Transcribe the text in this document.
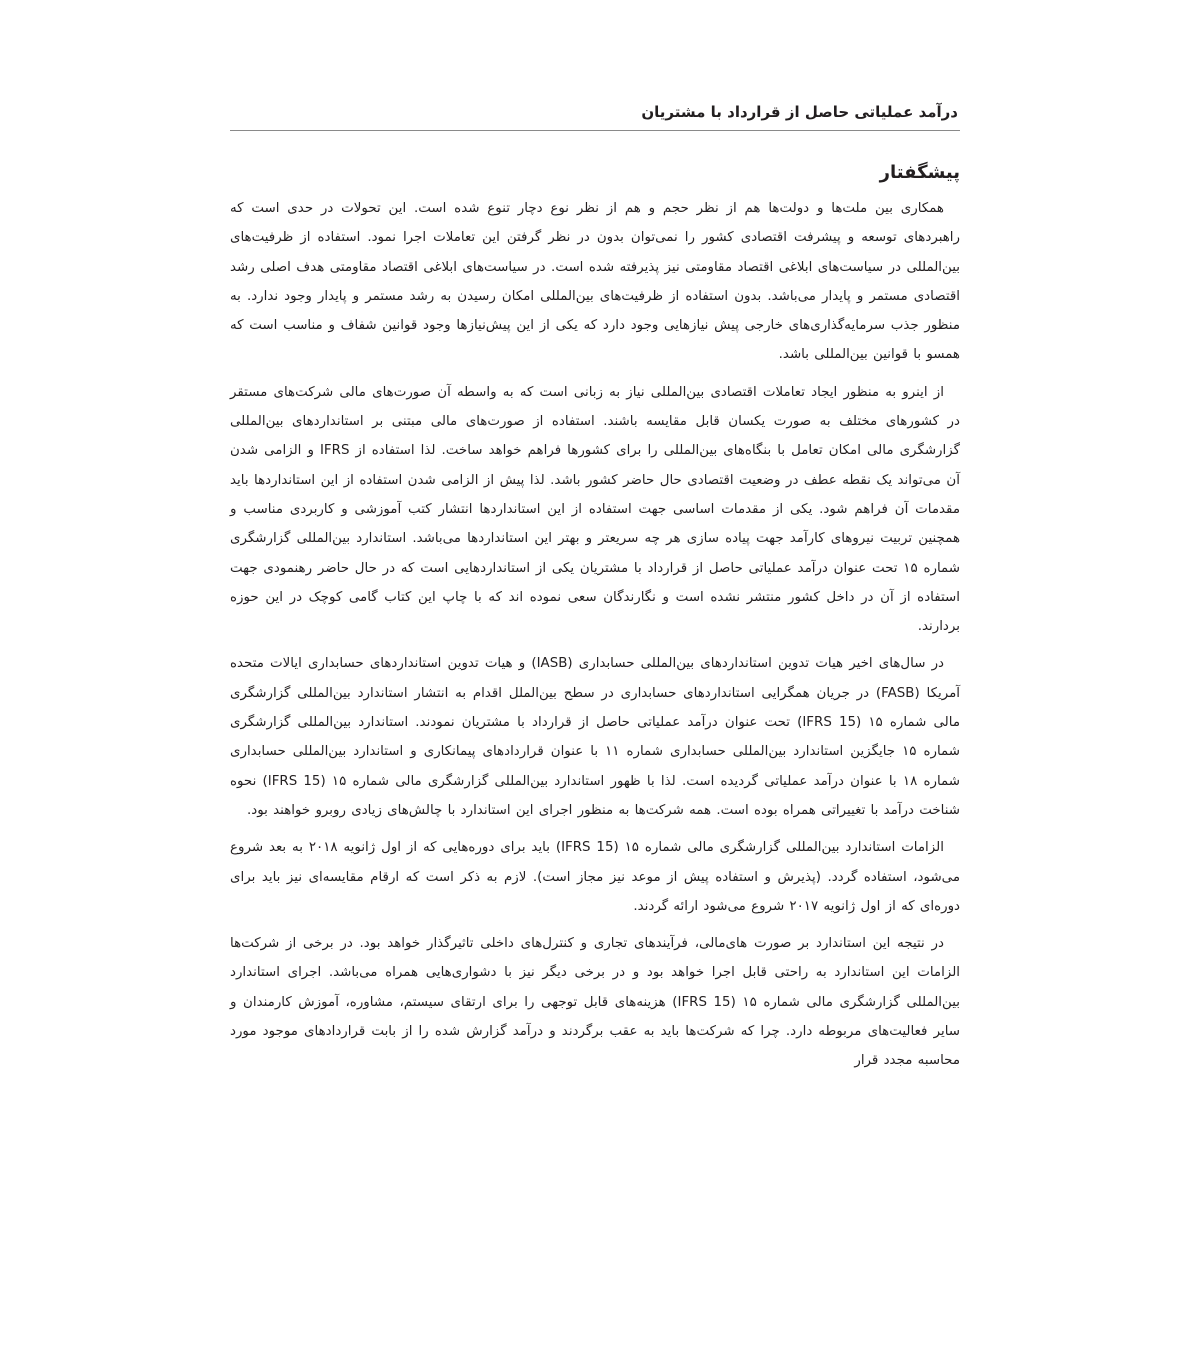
درآمد عملیاتی حاصل از قرارداد با مشتریان
پیشگفتار

همکاری بین ملت‌ها و دولت‌ها هم از نظر حجم و هم از نظر نوع دچار تنوع شده است. این تحولات در حدی است که راهبردهای توسعه و پیشرفت اقتصادی کشور را نمی‌توان بدون در نظر گرفتن این تعاملات اجرا نمود. استفاده از ظرفیت‌های بین‌المللی در سیاست‌های ابلاغی اقتصاد مقاومتی نیز پذیرفته شده است. در سیاست‌های ابلاغی اقتصاد مقاومتی هدف اصلی رشد اقتصادی مستمر و پایدار می‌باشد. بدون استفاده از ظرفیت‌های بین‌المللی امکان رسیدن به رشد مستمر و پایدار وجود ندارد. به منظور جذب سرمایه‌گذاری‌های خارجی پیش نیازهایی وجود دارد که یکی از این پیش‌نیازها وجود قوانین شفاف و مناسب است که همسو با قوانین بین‌المللی باشد.

از اینرو به منظور ایجاد تعاملات اقتصادی بین‌المللی نیاز به زبانی است که به واسطه آن صورت‌های مالی شرکت‌های مستقر در کشورهای مختلف به صورت یکسان قابل مقایسه باشند. استفاده از صورت‌های مالی مبتنی بر استانداردهای بین‌المللی گزارشگری مالی امکان تعامل با بنگاه‌های بین‌المللی را برای کشورها فراهم خواهد ساخت. لذا استفاده از IFRS و الزامی شدن آن می‌تواند یک نقطه عطف در وضعیت اقتصادی حال حاضر کشور باشد. لذا پیش از الزامی شدن استفاده از این استانداردها باید مقدمات آن فراهم شود. یکی از مقدمات اساسی جهت استفاده از این استانداردها انتشار کتب آموزشی و کاربردی مناسب و همچنین تربیت نیروهای کارآمد جهت پیاده سازی هر چه سریعتر و بهتر این استانداردها می‌باشد. استاندارد بین‌المللی گزارشگری شماره ۱۵ تحت عنوان درآمد عملیاتی حاصل از قرارداد با مشتریان یکی از استانداردهایی است که در حال حاضر رهنمودی جهت استفاده از آن در داخل کشور منتشر نشده است و نگارندگان سعی نموده اند که با چاپ این کتاب گامی کوچک در این حوزه بردارند.

در سال‌های اخیر هیات تدوین استانداردهای بین‌المللی حسابداری (IASB) و هیات تدوین استانداردهای حسابداری ایالات متحده آمریکا (FASB) در جریان همگرایی استانداردهای حسابداری در سطح بین‌الملل اقدام به انتشار استاندارد بین‌المللی گزارشگری مالی شماره ۱۵ (IFRS 15) تحت عنوان درآمد عملیاتی حاصل از قرارداد با مشتریان نمودند. استاندارد بین‌المللی گزارشگری شماره ۱۵ جایگزین استاندارد بین‌المللی حسابداری شماره ۱۱ با عنوان قراردادهای پیمانکاری و استاندارد بین‌المللی حسابداری شماره ۱۸ با عنوان درآمد عملیاتی گردیده است. لذا با ظهور استاندارد بین‌المللی گزارشگری مالی شماره ۱۵ (IFRS 15) نحوه شناخت درآمد با تغییراتی همراه بوده است. همه شرکت‌ها به منظور اجرای این استاندارد با چالش‌های زیادی روبرو خواهند بود.

الزامات استاندارد بین‌المللی گزارشگری مالی شماره ۱۵ (IFRS 15) باید برای دوره‌هایی که از اول ژانویه ۲۰۱۸ به بعد شروع می‌شود، استفاده گردد. (پذیرش و استفاده پیش از موعد نیز مجاز است). لازم به ذکر است که ارقام مقایسه‌ای نیز باید برای دوره‌ای که از اول ژانویه ۲۰۱۷ شروع می‌شود ارائه گردند.

در نتیجه این استاندارد بر صورت های‌مالی، فرآیندهای تجاری و کنترل‌های داخلی تاثیرگذار خواهد بود. در برخی از شرکت‌ها الزامات این استاندارد به راحتی قابل اجرا خواهد بود و در برخی دیگر نیز با دشواری‌هایی همراه می‌باشد. اجرای استاندارد بین‌المللی گزارشگری مالی شماره ۱۵ (IFRS 15) هزینه‌های قابل توجهی را برای ارتقای سیستم، مشاوره، آموزش کارمندان و سایر فعالیت‌های مربوطه دارد. چرا که شرکت‌ها باید به عقب برگردند و درآمد گزارش شده را از بابت قراردادهای موجود مورد محاسبه مجدد قرار
